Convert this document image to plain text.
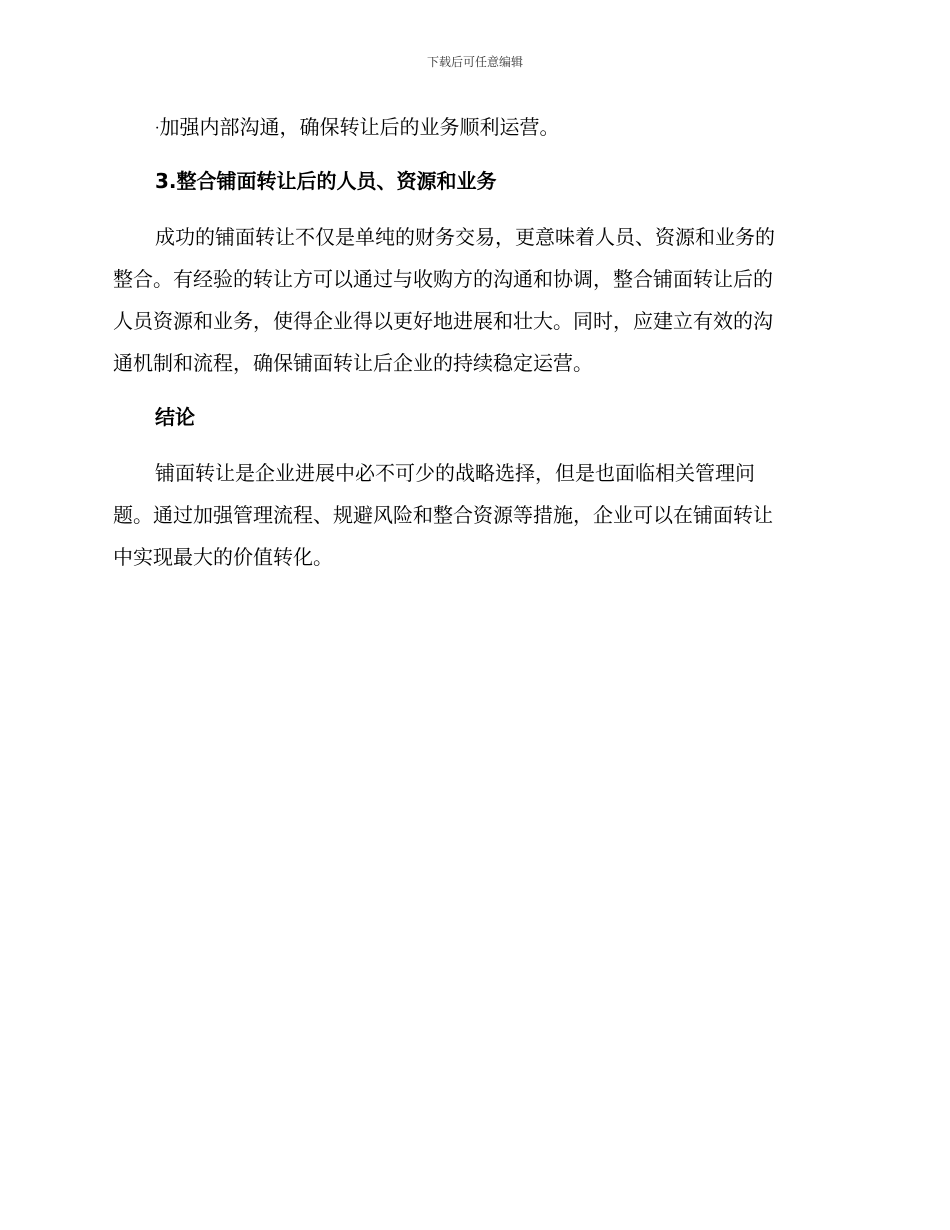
下载后可任意编辑

·加强内部沟通，确保转让后的业务顺利运营。

3.整合铺面转让后的人员、资源和业务

成功的铺面转让不仅是单纯的财务交易，更意味着人员、资源和业务的
整合。有经验的转让方可以通过与收购方的沟通和协调，整合铺面转让后的
人员资源和业务，使得企业得以更好地进展和壮大。同时，应建立有效的沟
通机制和流程，确保铺面转让后企业的持续稳定运营。

结论

铺面转让是企业进展中必不可少的战略选择，但是也面临相关管理问
题。通过加强管理流程、规避风险和整合资源等措施，企业可以在铺面转让
中实现最大的价值转化。
